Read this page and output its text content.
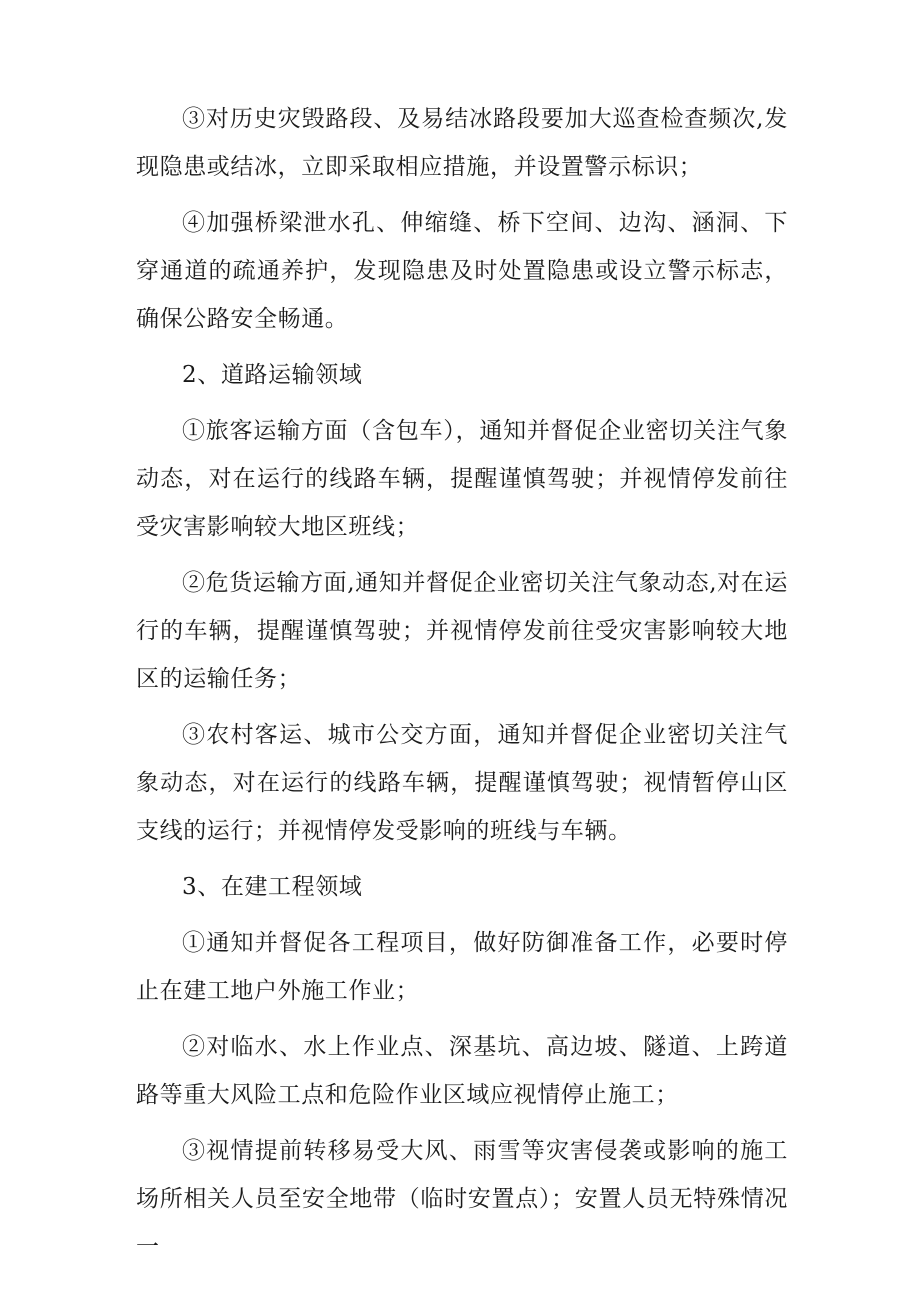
③对历史灾毁路段、及易结冰路段要加大巡查检查频次,发现隐患或结冰，立即采取相应措施，并设置警示标识；

④加强桥梁泄水孔、伸缩缝、桥下空间、边沟、涵洞、下穿通道的疏通养护，发现隐患及时处置隐患或设立警示标志，确保公路安全畅通。

2、道路运输领域

①旅客运输方面（含包车），通知并督促企业密切关注气象动态，对在运行的线路车辆，提醒谨慎驾驶；并视情停发前往受灾害影响较大地区班线；

②危货运输方面,通知并督促企业密切关注气象动态,对在运行的车辆，提醒谨慎驾驶；并视情停发前往受灾害影响较大地区的运输任务；

③农村客运、城市公交方面，通知并督促企业密切关注气象动态，对在运行的线路车辆，提醒谨慎驾驶；视情暂停山区支线的运行；并视情停发受影响的班线与车辆。

3、在建工程领域

①通知并督促各工程项目，做好防御准备工作，必要时停止在建工地户外施工作业；

②对临水、水上作业点、深基坑、高边坡、隧道、上跨道路等重大风险工点和危险作业区域应视情停止施工；

③视情提前转移易受大风、雨雪等灾害侵袭或影响的施工场所相关人员至安全地带（临时安置点）；安置人员无特殊情况一
